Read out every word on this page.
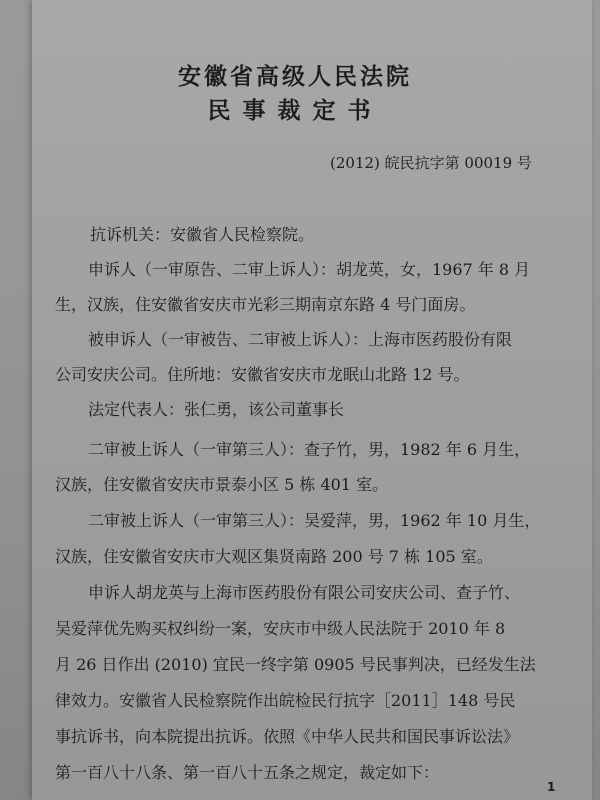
安徽省高级人民法院
民事裁定书
(2012) 皖民抗字第 00019 号
抗诉机关：安徽省人民检察院。
申诉人（一审原告、二审上诉人）：胡龙英，女，1967 年 8 月
生，汉族，住安徽省安庆市光彩三期南京东路 4 号门面房。
被申诉人（一审被告、二审被上诉人）：上海市医药股份有限
公司安庆公司。住所地：安徽省安庆市龙眠山北路 12 号。
法定代表人：张仁勇，该公司董事长
二审被上诉人（一审第三人）：查子竹，男，1982 年 6 月生，
汉族，住安徽省安庆市景泰小区 5 栋 401 室。
二审被上诉人（一审第三人）：吴爱萍，男，1962 年 10 月生，
汉族，住安徽省安庆市大观区集贤南路 200 号 7 栋 105 室。
申诉人胡龙英与上海市医药股份有限公司安庆公司、查子竹、
吴爱萍优先购买权纠纷一案，安庆市中级人民法院于 2010 年 8
月 26 日作出 (2010) 宜民一终字第 0905 号民事判决，已经发生法
律效力。安徽省人民检察院作出皖检民行抗字［2011］148 号民
事抗诉书，向本院提出抗诉。依照《中华人民共和国民事诉讼法》
第一百八十八条、第一百八十五条之规定，裁定如下：
1
